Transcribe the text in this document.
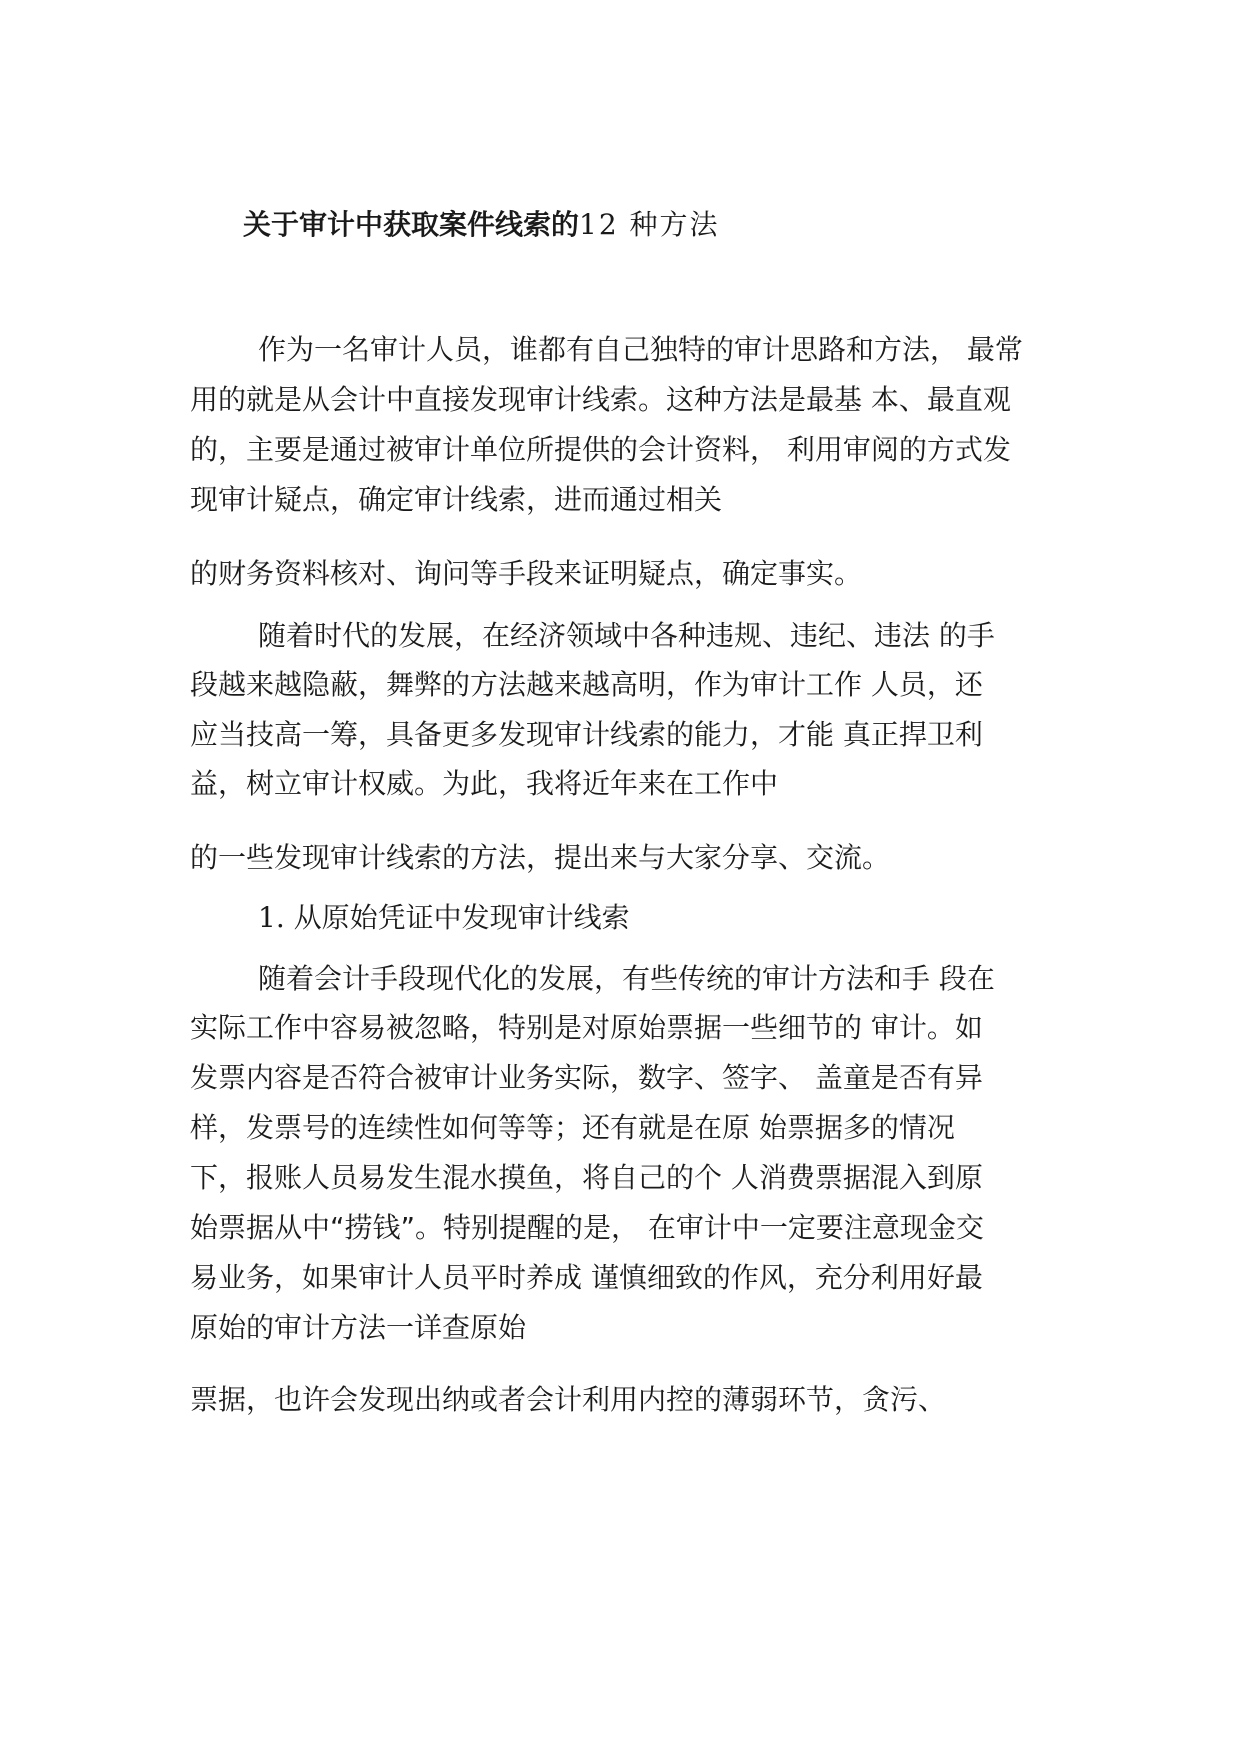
关于审计中获取案件线索的12 种方法
作为一名审计人员，谁都有自己独特的审计思路和方法， 最常
用的就是从会计中直接发现审计线索。这种方法是最基 本、最直观
的，主要是通过被审计单位所提供的会计资料， 利用审阅的方式发
现审计疑点，确定审计线索，进而通过相关
的财务资料核对、询问等手段来证明疑点，确定事实。
随着时代的发展，在经济领域中各种违规、违纪、违法 的手
段越来越隐蔽，舞弊的方法越来越高明，作为审计工作 人员，还
应当技高一筹，具备更多发现审计线索的能力，才能 真正捍卫利
益，树立审计权威。为此，我将近年来在工作中
的一些发现审计线索的方法，提出来与大家分享、交流。
1. 从原始凭证中发现审计线索
随着会计手段现代化的发展，有些传统的审计方法和手 段在
实际工作中容易被忽略，特别是对原始票据一些细节的 审计。如
发票内容是否符合被审计业务实际，数字、签字、 盖童是否有异
样，发票号的连续性如何等等；还有就是在原 始票据多的情况
下，报账人员易发生混水摸鱼，将自己的个 人消费票据混入到原
始票据从中“捞钱”。特别提醒的是， 在审计中一定要注意现金交
易业务，如果审计人员平时养成 谨慎细致的作风，充分利用好最
原始的审计方法一详查原始
票据，也许会发现出纳或者会计利用内控的薄弱环节，贪污、
